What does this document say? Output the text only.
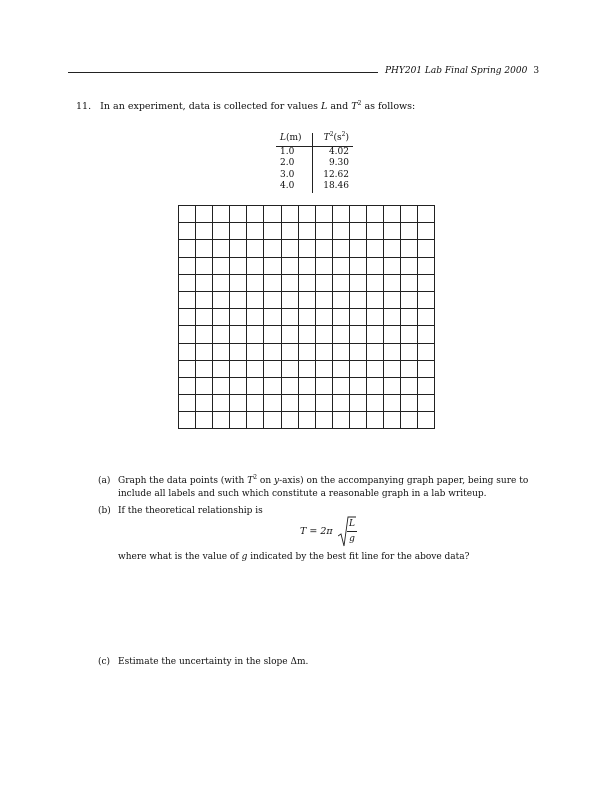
PHY201 Lab Final Spring 2000 3
11. In an experiment, data is collected for values L and $T^2$ as follows:
L(m)	$T^2(s^2)$
1.0	4.02
2.0	9.30
3.0	12.62
4.0	18.46
(a) Graph the data points (with $T^2$ on y-axis) on the accompanying graph paper, being sure to include all labels and such which constitute a reasonable graph in a lab writeup.
(b) If the theoretical relationship is
T = 2π
L
g
where what is the value of g indicated by the best fit line for the above data?
(c) Estimate the uncertainty in the slope Δm.
